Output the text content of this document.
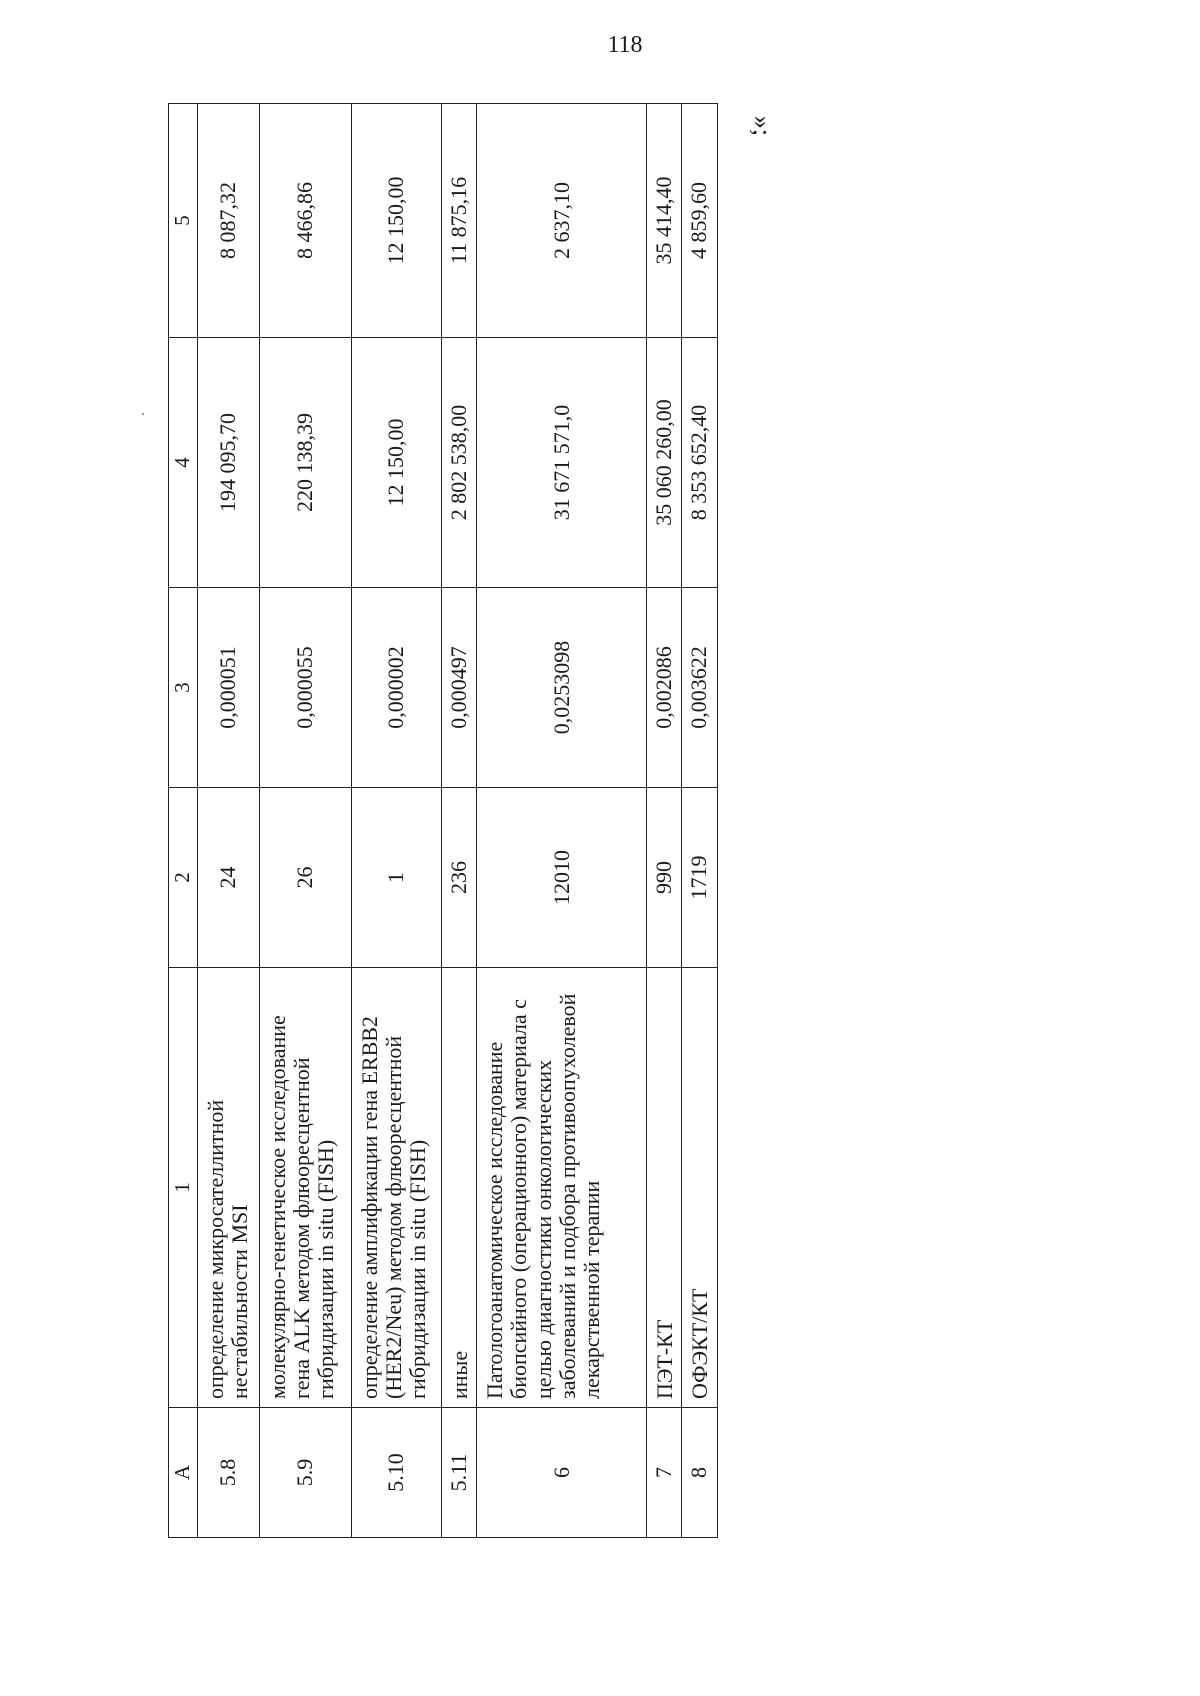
118
»;
А	1	2	3	4	5
5.8	определение микросателлитной нестабильности MSI	24	0,000051	194 095,70	8 087,32
5.9	молекулярно-генетическое исследование гена ALK методом флюоресцентной гибридизации in situ (FISH)	26	0,000055	220 138,39	8 466,86
5.10	определение амплификации гена ERBB2 (HER2/Neu) методом флюоресцентной гибридизации in situ (FISH)	1	0,000002	12 150,00	12 150,00
5.11	иные	236	0,000497	2 802 538,00	11 875,16
6	Патологоанатомическое исследование биопсийного (операционного) материала с целью диагностики онкологических заболеваний и подбора противоопухолевой лекарственной терапии	12010	0,0253098	31 671 571,0	2 637,10
7	ПЭТ-КТ	990	0,002086	35 060 260,00	35 414,40
8	ОФЭКТ/КТ	1719	0,003622	8 353 652,40	4 859,60
